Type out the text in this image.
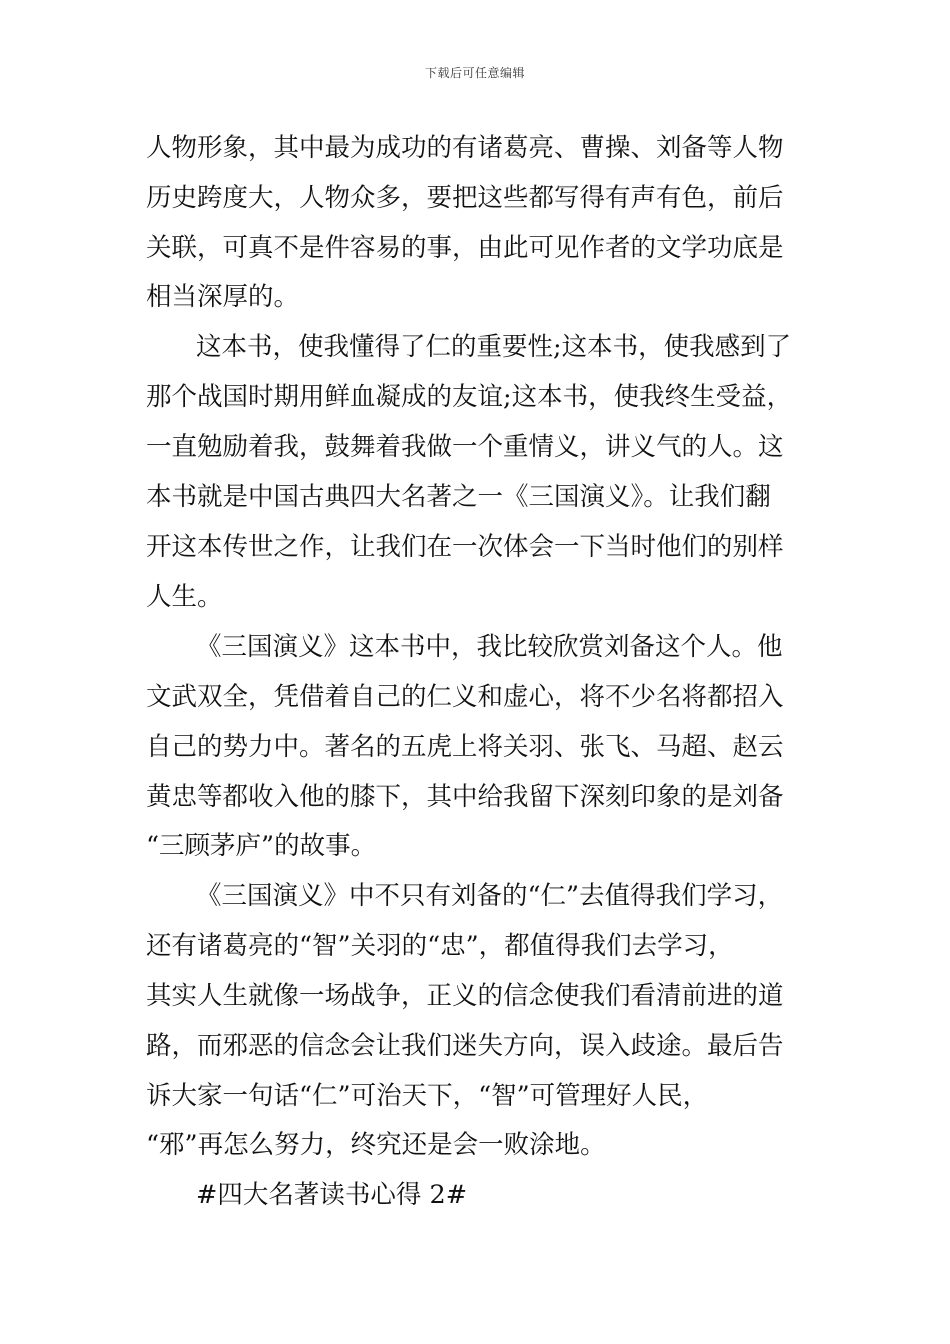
下载后可任意编辑
人物形象，其中最为成功的有诸葛亮、曹操、刘备等人物
历史跨度大，人物众多，要把这些都写得有声有色，前后
关联，可真不是件容易的事，由此可见作者的文学功底是
相当深厚的。
这本书，使我懂得了仁的重要性;这本书，使我感到了
那个战国时期用鲜血凝成的友谊;这本书，使我终生受益，
一直勉励着我，鼓舞着我做一个重情义，讲义气的人。这
本书就是中国古典四大名著之一《三国演义》。让我们翻
开这本传世之作，让我们在一次体会一下当时他们的别样
人生。
《三国演义》这本书中，我比较欣赏刘备这个人。他
文武双全，凭借着自己的仁义和虚心，将不少名将都招入
自己的势力中。著名的五虎上将关羽、张飞、马超、赵云
黄忠等都收入他的膝下，其中给我留下深刻印象的是刘备
“三顾茅庐”的故事。
《三国演义》中不只有刘备的“仁”去值得我们学习，
还有诸葛亮的“智”关羽的“忠”，都值得我们去学习，
其实人生就像一场战争，正义的信念使我们看清前进的道
路，而邪恶的信念会让我们迷失方向，误入歧途。最后告
诉大家一句话“仁”可治天下，“智”可管理好人民，
“邪”再怎么努力，终究还是会一败涂地。
#四大名著读书心得 2#
